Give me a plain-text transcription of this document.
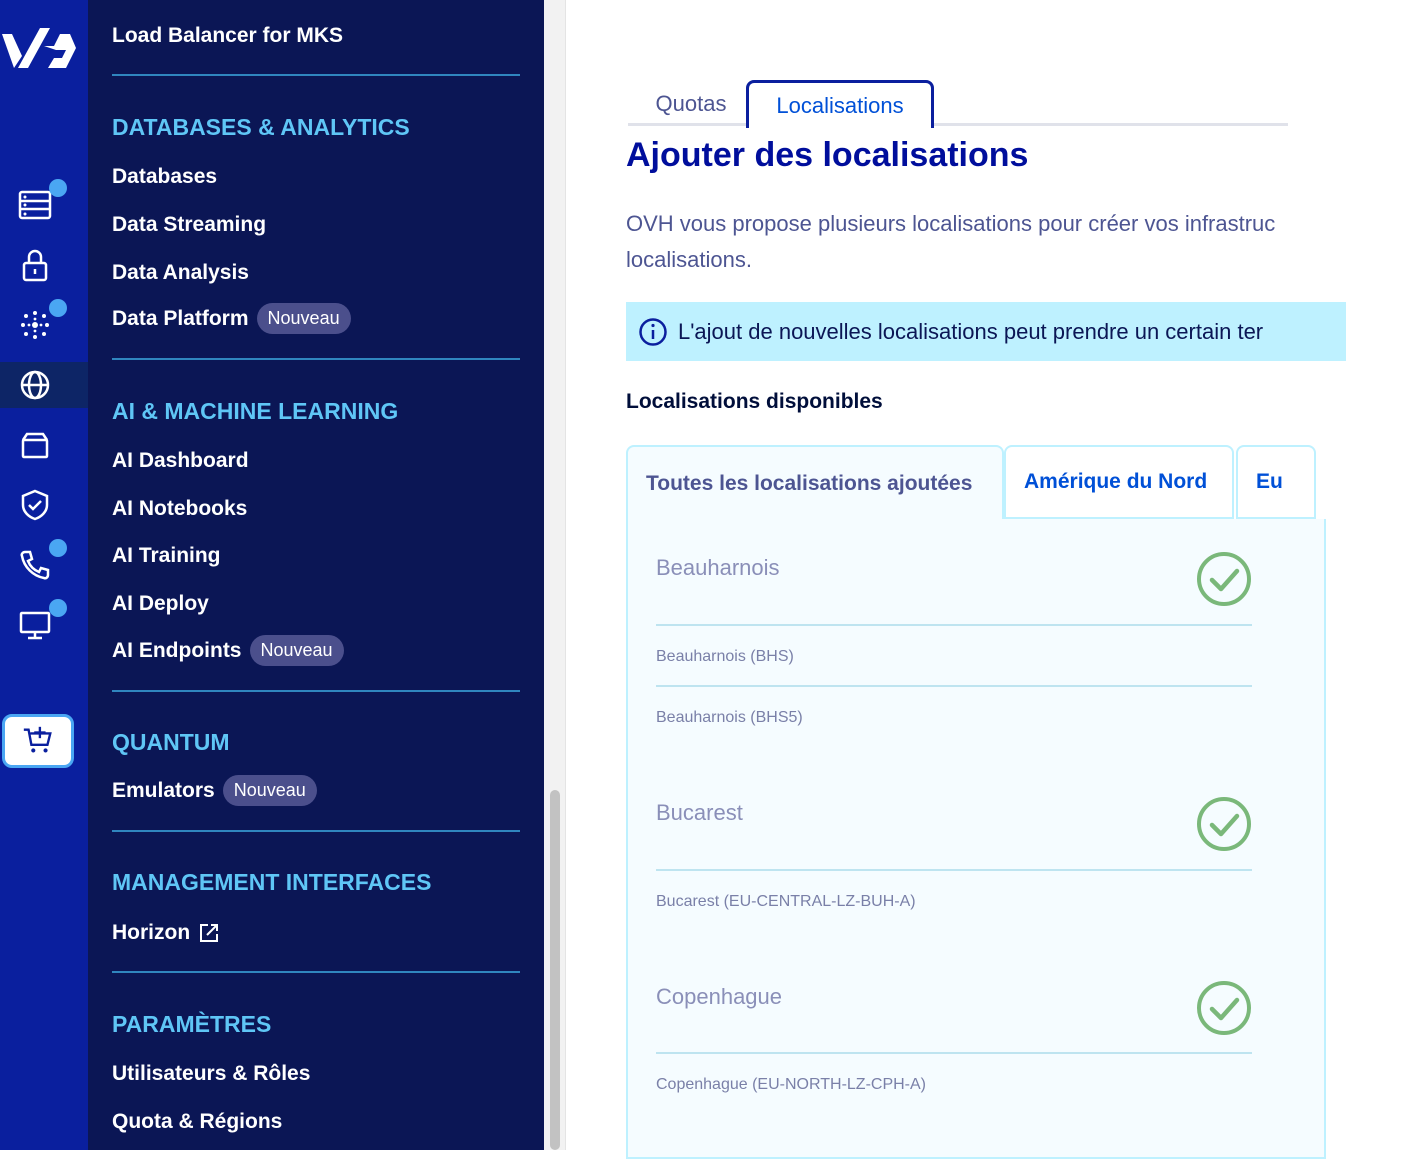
Load Balancer for MKS
DATABASES & ANALYTICS
Databases
Data Streaming
Data Analysis
Data Platform	Nouveau
AI & MACHINE LEARNING
AI Dashboard
AI Notebooks
AI Training
AI Deploy
AI Endpoints	Nouveau
QUANTUM
Emulators	Nouveau
MANAGEMENT INTERFACES
Horizon
PARAMÈTRES
Utilisateurs & Rôles
Quota & Régions
Quotas	Localisations
Ajouter des localisations
OVH vous propose plusieurs localisations pour créer vos infrastruc
localisations.
L'ajout de nouvelles localisations peut prendre un certain ter
Localisations disponibles
Toutes les localisations ajoutées	Amérique du Nord	Eu
Beauharnois
Beauharnois (BHS)
Beauharnois (BHS5)
Bucarest
Bucarest (EU-CENTRAL-LZ-BUH-A)
Copenhague
Copenhague (EU-NORTH-LZ-CPH-A)
